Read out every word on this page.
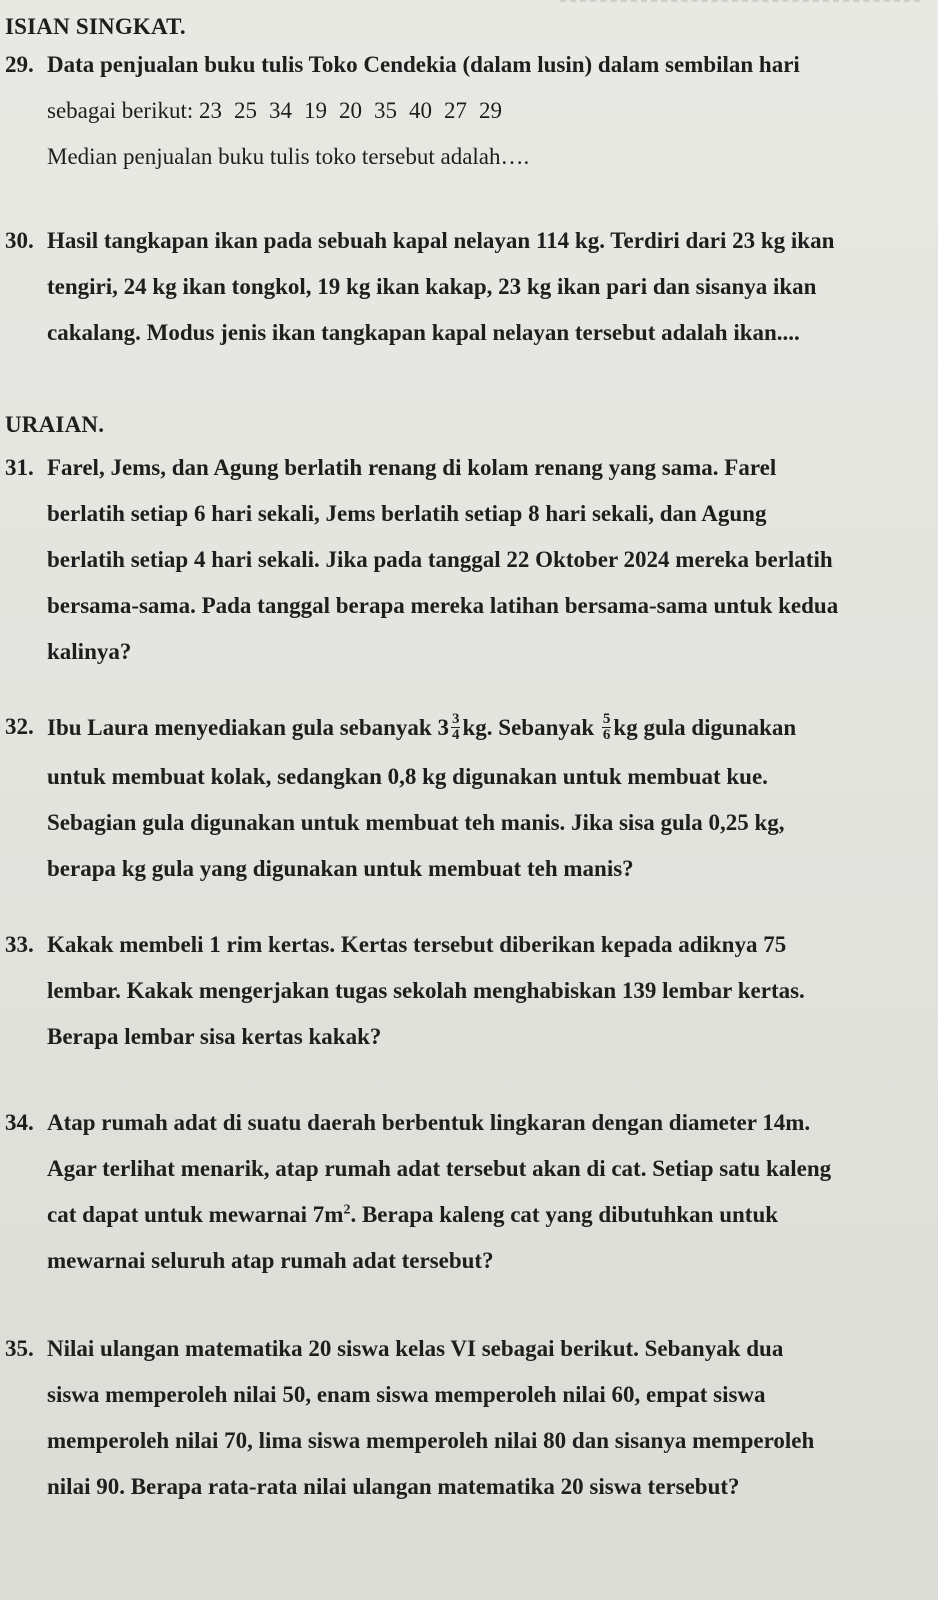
ISIAN SINGKAT.
29. Data penjualan buku tulis Toko Cendekia (dalam lusin) dalam sembilan hari
sebagai berikut: 23 25 34 19 20 35 40 27 29
Median penjualan buku tulis toko tersebut adalah….
30. Hasil tangkapan ikan pada sebuah kapal nelayan 114 kg. Terdiri dari 23 kg ikan
tengiri, 24 kg ikan tongkol, 19 kg ikan kakap, 23 kg ikan pari dan sisanya ikan
cakalang. Modus jenis ikan tangkapan kapal nelayan tersebut adalah ikan....
URAIAN.
31. Farel, Jems, dan Agung berlatih renang di kolam renang yang sama. Farel
berlatih setiap 6 hari sekali, Jems berlatih setiap 8 hari sekali, dan Agung
berlatih setiap 4 hari sekali. Jika pada tanggal 22 Oktober 2024 mereka berlatih
bersama-sama. Pada tanggal berapa mereka latihan bersama-sama untuk kedua
kalinya?
32. Ibu Laura menyediakan gula sebanyak $3 \frac{3}{4}$ kg. Sebanyak $\frac{5}{6}$ kg gula digunakan
untuk membuat kolak, sedangkan 0,8 kg digunakan untuk membuat kue.
Sebagian gula digunakan untuk membuat teh manis. Jika sisa gula 0,25 kg,
berapa kg gula yang digunakan untuk membuat teh manis?
33. Kakak membeli 1 rim kertas. Kertas tersebut diberikan kepada adiknya 75
lembar. Kakak mengerjakan tugas sekolah menghabiskan 139 lembar kertas.
Berapa lembar sisa kertas kakak?
34. Atap rumah adat di suatu daerah berbentuk lingkaran dengan diameter 14m.
Agar terlihat menarik, atap rumah adat tersebut akan di cat. Setiap satu kaleng
cat dapat untuk mewarnai $7m^2$. Berapa kaleng cat yang dibutuhkan untuk
mewarnai seluruh atap rumah adat tersebut?
35. Nilai ulangan matematika 20 siswa kelas VI sebagai berikut. Sebanyak dua
siswa memperoleh nilai 50, enam siswa memperoleh nilai 60, empat siswa
memperoleh nilai 70, lima siswa memperoleh nilai 80 dan sisanya memperoleh
nilai 90. Berapa rata-rata nilai ulangan matematika 20 siswa tersebut?
